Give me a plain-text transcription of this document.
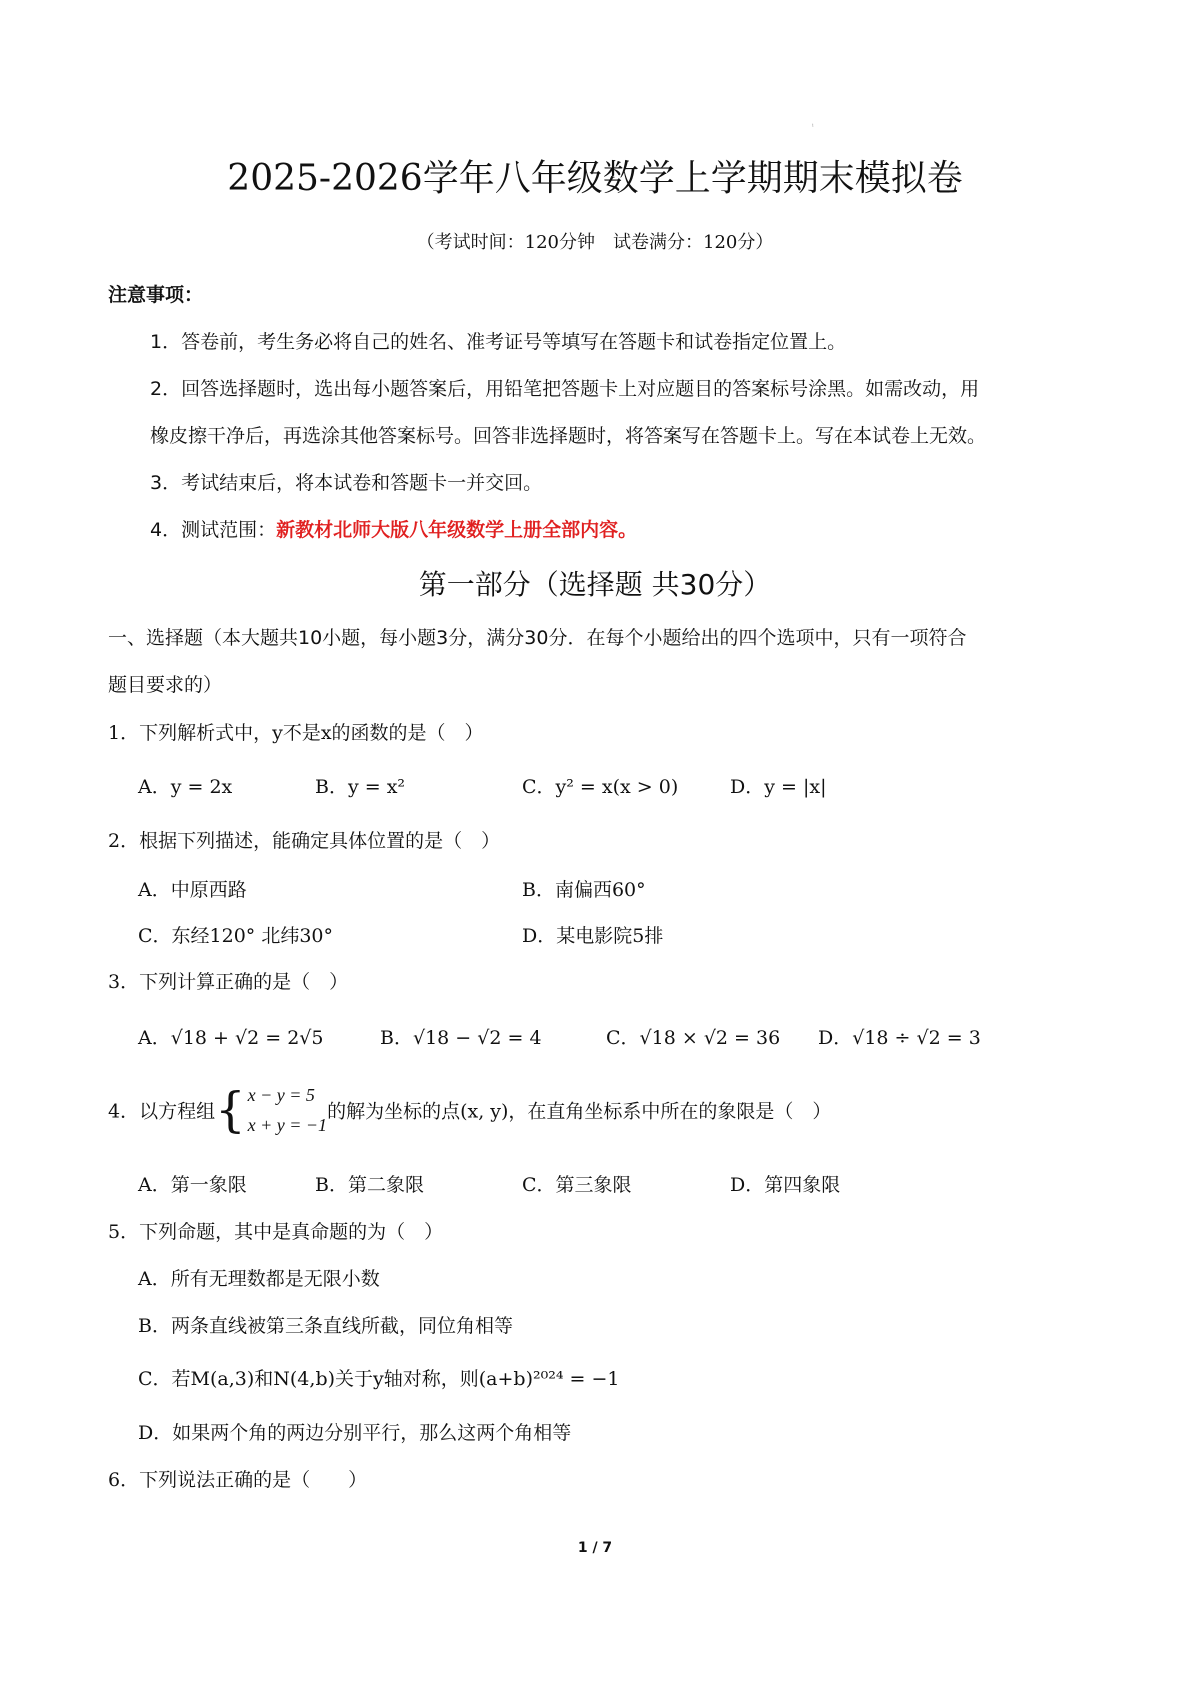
ⁱ
2025-2026学年八年级数学上学期期末模拟卷
（考试时间：120分钟　试卷满分：120分）
注意事项：
1．答卷前，考生务必将自己的姓名、准考证号等填写在答题卡和试卷指定位置上。
2．回答选择题时，选出每小题答案后，用铅笔把答题卡上对应题目的答案标号涂黑。如需改动，用
橡皮擦干净后，再选涂其他答案标号。回答非选择题时，将答案写在答题卡上。写在本试卷上无效。
3．考试结束后，将本试卷和答题卡一并交回。
4．测试范围：新教材北师大版八年级数学上册全部内容。
第一部分（选择题 共30分）
一、选择题（本大题共10小题，每小题3分，满分30分．在每个小题给出的四个选项中，只有一项符合
题目要求的）
1．下列解析式中，y不是x的函数的是（　）
A．y = 2x	B．y = x²	C．y² = x(x > 0)	D．y = |x|
2．根据下列描述，能确定具体位置的是（　）
A．中原西路	B．南偏西60°
C．东经120° 北纬30°	D．某电影院5排
3．下列计算正确的是（　）
A．√18 + √2 = 2√5	B．√18 − √2 = 4	C．√18 × √2 = 36 D．√18 ÷ √2 = 3
4．以方程组{ x − y = 5
x + y = −1
的解为坐标的点(x, y)，在直角坐标系中所在的象限是（　）
A．第一象限	B．第二象限	C．第三象限	D．第四象限
5．下列命题，其中是真命题的为（　）
A．所有无理数都是无限小数
B．两条直线被第三条直线所截，同位角相等
C．若M(a,3)和N(4,b)关于y轴对称，则(a+b)²⁰²⁴ = −1
D．如果两个角的两边分别平行，那么这两个角相等
6．下列说法正确的是（　　）
1 / 7
